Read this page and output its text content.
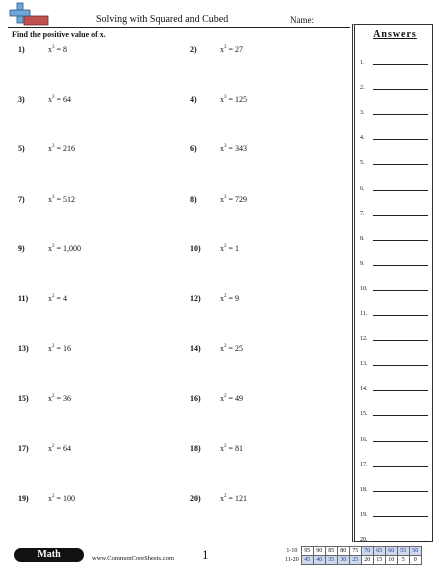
Solving with Squared and Cubed	Name:
Find the positive value of x.
1)	$x^3 = 8$	2)	$x^3 = 27$
3)	$x^3 = 64$	4)	$x^3 = 125$
5)	$x^3 = 216$	6)	$x^3 = 343$
7)	$x^3 = 512$	8)	$x^3 = 729$
9)	$x^3 = 1,000$	10) $x^2 = 1$
11) $x^2 = 4$	12) $x^2 = 9$
13) $x^2 = 16$	14) $x^2 = 25$
15) $x^2 = 36$	16) $x^2 = 49$
17) $x^2 = 64$	18) $x^2 = 81$
19) $x^2 = 100$	20) $x^2 = 121$
Answers
1.
2.
3.
4.
5.
6.
7.
8.
9.
10.
11.
12.
13.
14.
15.
16.
17.
18.
19.
20.
Math	www.CommonCoreSheets.com 1	1-10	95	90	85	80	75	70	65	60	55	50
11-20	45	40	35	30	25	20	15	10	5	0
